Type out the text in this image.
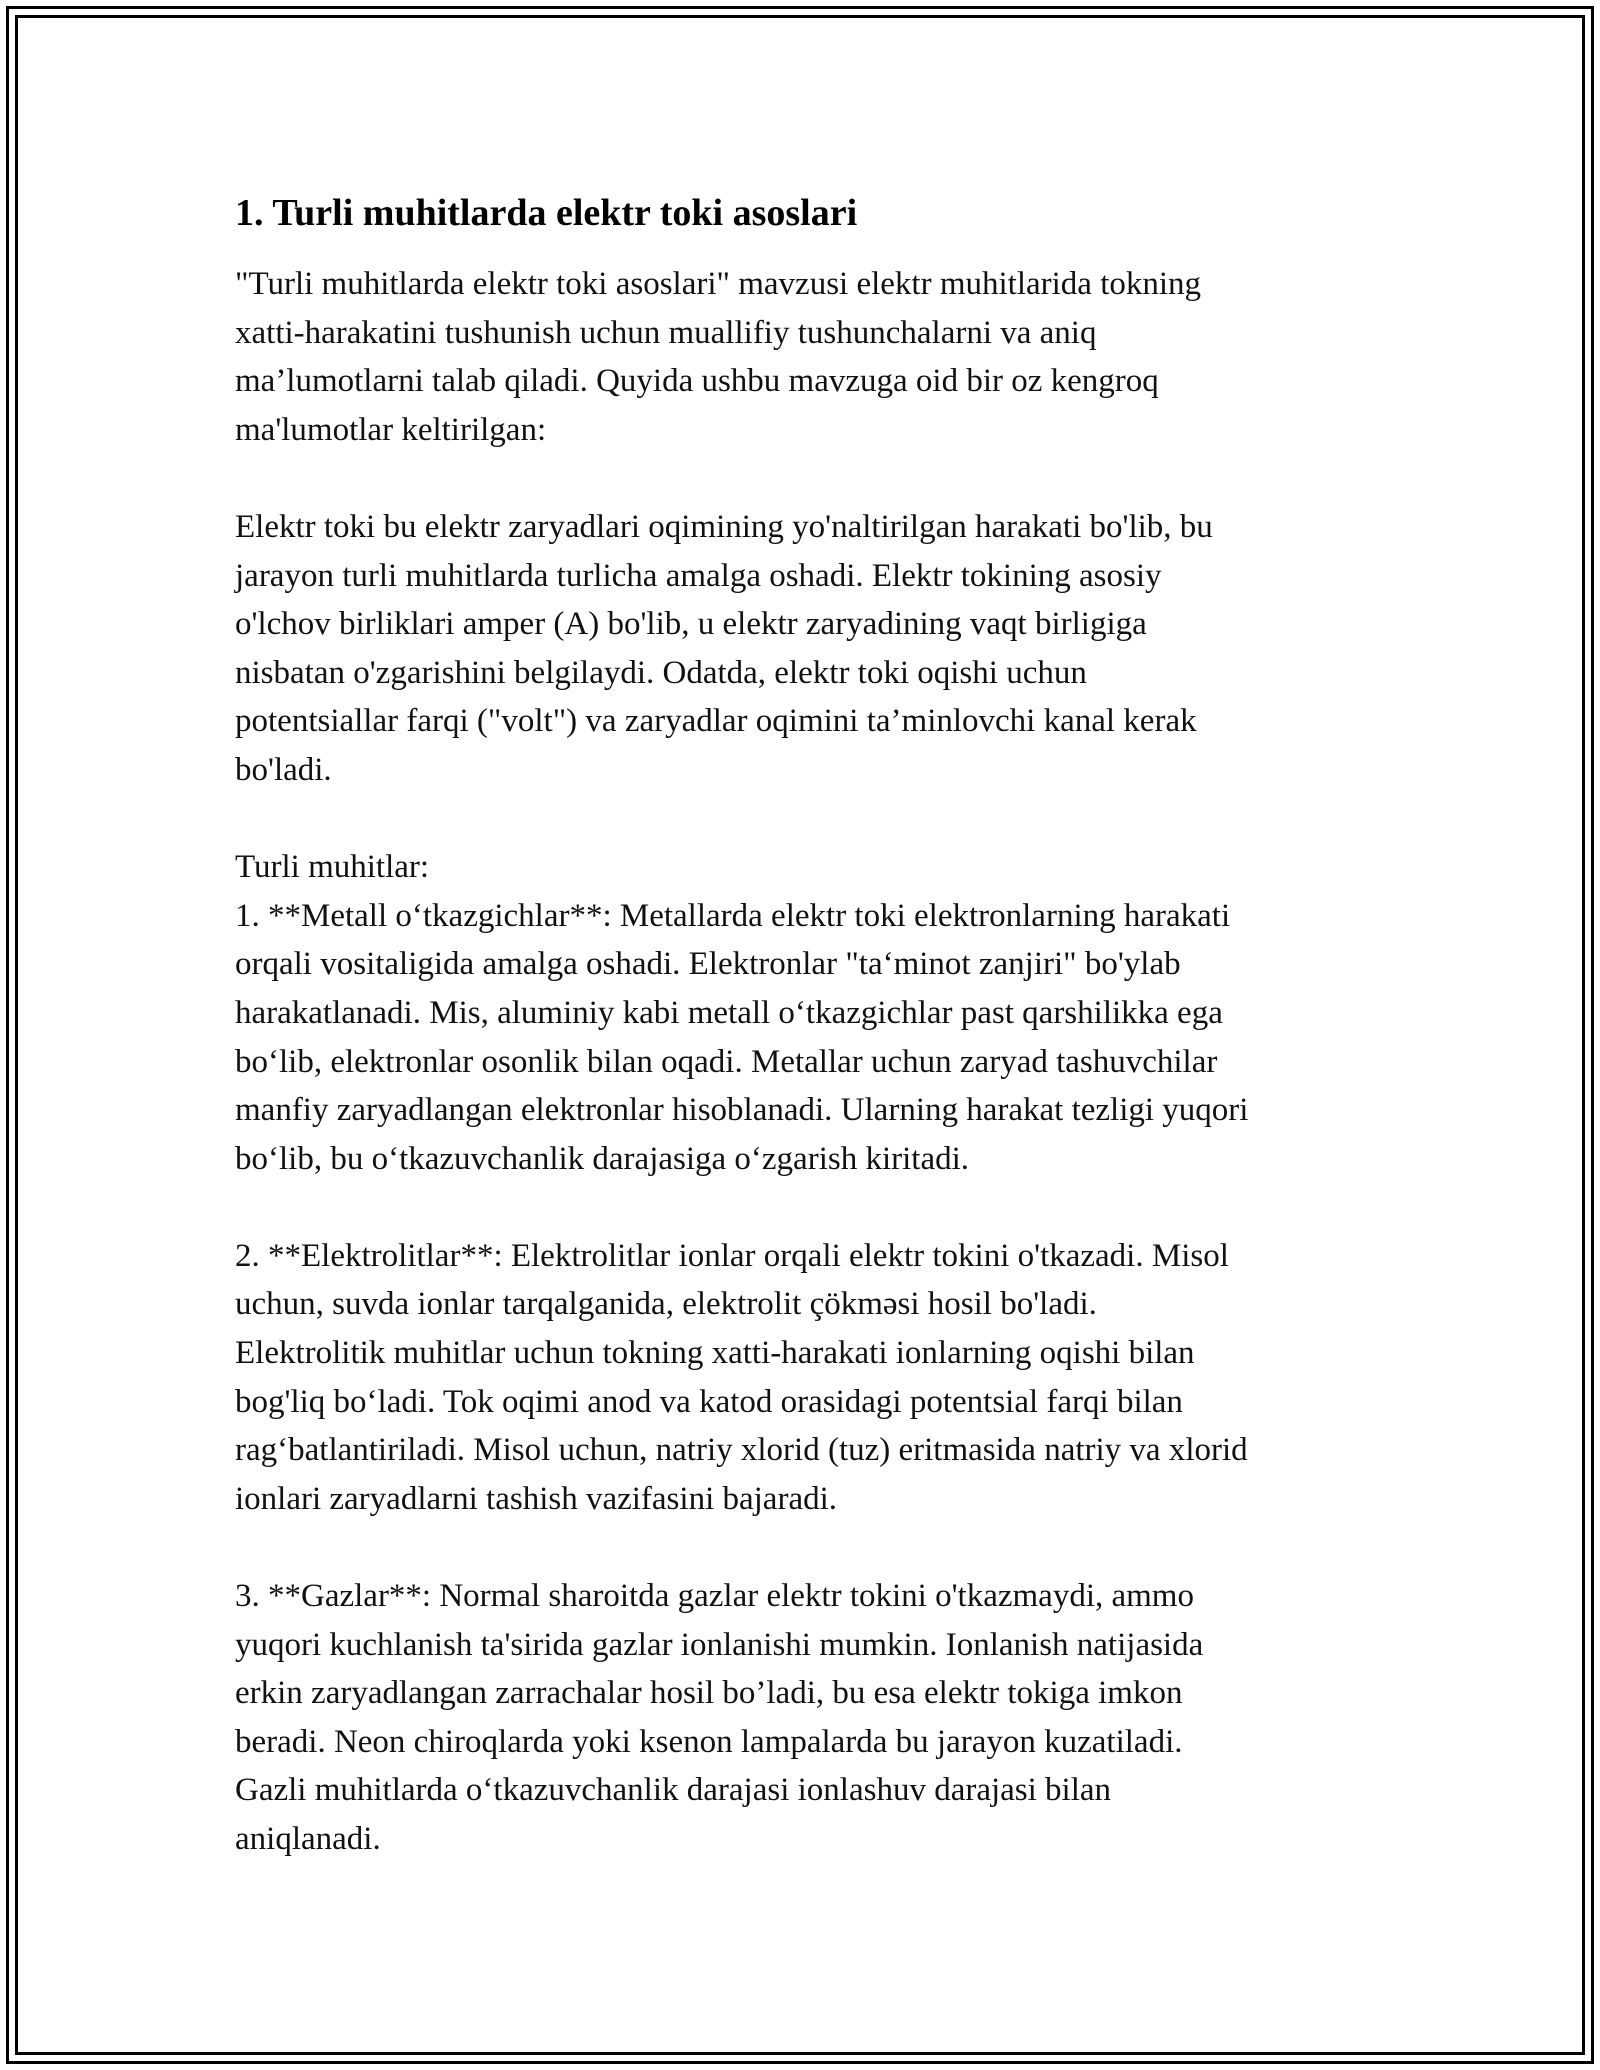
1. Turli muhitlarda elektr toki asoslari
"Turli muhitlarda elektr toki asoslari" mavzusi elektr muhitlarida tokning
xatti-harakatini tushunish uchun muallifiy tushunchalarni va aniq
ma’lumotlarni talab qiladi. Quyida ushbu mavzuga oid bir oz kengroq
ma'lumotlar keltirilgan:
Elektr toki bu elektr zaryadlari oqimining yo'naltirilgan harakati bo'lib, bu
jarayon turli muhitlarda turlicha amalga oshadi. Elektr tokining asosiy
o'lchov birliklari amper (A) bo'lib, u elektr zaryadining vaqt birligiga
nisbatan o'zgarishini belgilaydi. Odatda, elektr toki oqishi uchun
potentsiallar farqi ("volt") va zaryadlar oqimini ta’minlovchi kanal kerak
bo'ladi.
Turli muhitlar:
1. **Metall o‘tkazgichlar**: Metallarda elektr toki elektronlarning harakati
orqali vositaligida amalga oshadi. Elektronlar "ta‘minot zanjiri" bo'ylab
harakatlanadi. Mis, aluminiy kabi metall o‘tkazgichlar past qarshilikka ega
bo‘lib, elektronlar osonlik bilan oqadi. Metallar uchun zaryad tashuvchilar
manfiy zaryadlangan elektronlar hisoblanadi. Ularning harakat tezligi yuqori
bo‘lib, bu o‘tkazuvchanlik darajasiga o‘zgarish kiritadi.
2. **Elektrolitlar**: Elektrolitlar ionlar orqali elektr tokini o'tkazadi. Misol
uchun, suvda ionlar tarqalganida, elektrolit çökməsi hosil bo'ladi.
Elektrolitik muhitlar uchun tokning xatti-harakati ionlarning oqishi bilan
bog'liq bo‘ladi. Tok oqimi anod va katod orasidagi potentsial farqi bilan
rag‘batlantiriladi. Misol uchun, natriy xlorid (tuz) eritmasida natriy va xlorid
ionlari zaryadlarni tashish vazifasini bajaradi.
3. **Gazlar**: Normal sharoitda gazlar elektr tokini o'tkazmaydi, ammo
yuqori kuchlanish ta'sirida gazlar ionlanishi mumkin. Ionlanish natijasida
erkin zaryadlangan zarrachalar hosil bo’ladi, bu esa elektr tokiga imkon
beradi. Neon chiroqlarda yoki ksenon lampalarda bu jarayon kuzatiladi.
Gazli muhitlarda o‘tkazuvchanlik darajasi ionlashuv darajasi bilan
aniqlanadi.
